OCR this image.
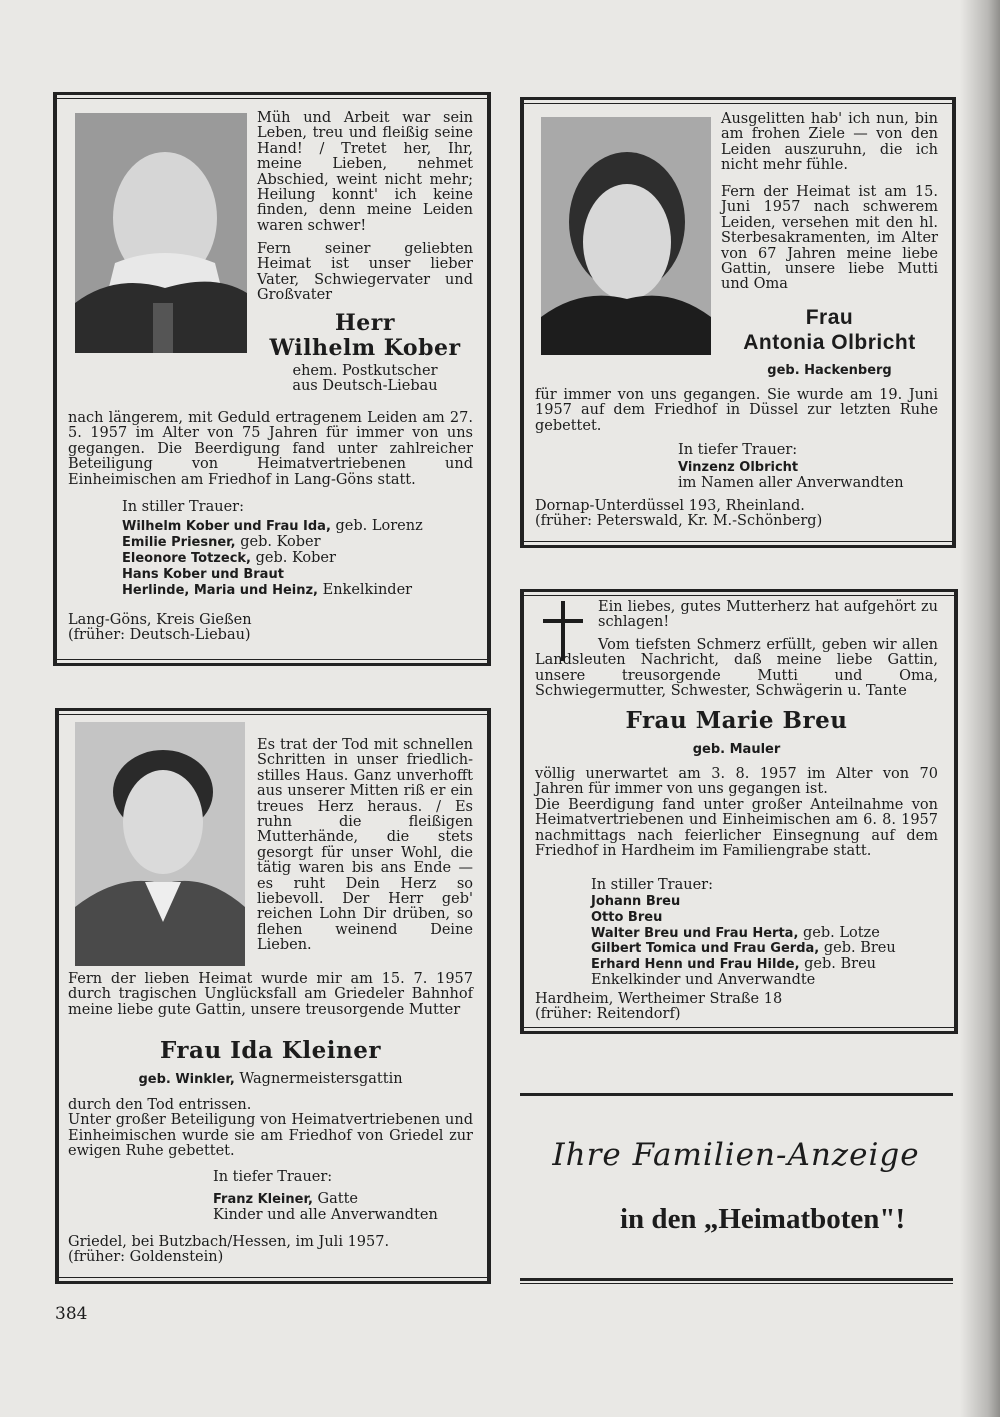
Müh und Arbeit war sein Leben, treu und fleißig seine Hand! / Tretet her, Ihr, meine Lieben, nehmet Abschied, weint nicht mehr; Heilung konnt' ich keine finden, denn meine Leiden waren schwer!
Fern seiner geliebten Heimat ist unser lieber Vater, Schwiegervater und Großvater
Herr
Wilhelm Kober
ehem. Postkutscher
aus Deutsch-Liebau
nach längerem, mit Geduld ertragenem Leiden am 27. 5. 1957 im Alter von 75 Jahren für immer von uns gegangen. Die Beerdigung fand unter zahlreicher Beteiligung von Heimatvertriebenen und Einheimischen am Friedhof in Lang-Göns statt.
In stiller Trauer:
Wilhelm Kober und Frau Ida, geb. Lorenz
Emilie Priesner, geb. Kober
Eleonore Totzeck, geb. Kober
Hans Kober und Braut
Herlinde, Maria und Heinz, Enkelkinder
Lang-Göns, Kreis Gießen
(früher: Deutsch-Liebau)
Ausgelitten hab' ich nun, bin am frohen Ziele — von den Leiden auszuruhn, die ich nicht mehr fühle.
Fern der Heimat ist am 15. Juni 1957 nach schwerem Leiden, versehen mit den hl. Sterbesakramenten, im Alter von 67 Jahren meine liebe Gattin, unsere liebe Mutti und Oma
Frau
Antonia Olbricht
geb. Hackenberg
für immer von uns gegangen. Sie wurde am 19. Juni 1957 auf dem Friedhof in Düssel zur letzten Ruhe gebettet.
In tiefer Trauer:
Vinzenz Olbricht
im Namen aller Anverwandten
Dornap-Unterdüssel 193, Rheinland.
(früher: Peterswald, Kr. M.-Schönberg)
Ein liebes, gutes Mutterherz hat aufgehört zu schlagen!
Vom tiefsten Schmerz erfüllt, geben wir allen Landsleuten Nachricht, daß meine liebe Gattin, unsere treusorgende Mutti und Oma, Schwiegermutter, Schwester, Schwägerin u. Tante
Frau Marie Breu
geb. Mauler
völlig unerwartet am 3. 8. 1957 im Alter von 70 Jahren für immer von uns gegangen ist.
Die Beerdigung fand unter großer Anteilnahme von Heimatvertriebenen und Einheimischen am 6. 8. 1957 nachmittags nach feierlicher Einsegnung auf dem Friedhof in Hardheim im Familiengrabe statt.
In stiller Trauer:
Johann Breu
Otto Breu
Walter Breu und Frau Herta, geb. Lotze
Gilbert Tomica und Frau Gerda, geb. Breu
Erhard Henn und Frau Hilde, geb. Breu
Enkelkinder und Anverwandte
Hardheim, Wertheimer Straße 18
(früher: Reitendorf)
Es trat der Tod mit schnellen Schritten in unser friedlich-stilles Haus. Ganz unverhofft aus unserer Mitten riß er ein treues Herz heraus. / Es ruhn die fleißigen Mutterhände, die stets gesorgt für unser Wohl, die tätig waren bis ans Ende — es ruht Dein Herz so liebevoll. Der Herr geb' reichen Lohn Dir drüben, so flehen weinend Deine Lieben.
Fern der lieben Heimat wurde mir am 15. 7. 1957 durch tragischen Unglücksfall am Griedeler Bahnhof meine liebe gute Gattin, unsere treusorgende Mutter
Frau Ida Kleiner
geb. Winkler, Wagnermeistersgattin
durch den Tod entrissen.
Unter großer Beteiligung von Heimatvertriebenen und Einheimischen wurde sie am Friedhof von Griedel zur ewigen Ruhe gebettet.
In tiefer Trauer:
Franz Kleiner, Gatte
Kinder und alle Anverwandten
Griedel, bei Butzbach/Hessen, im Juli 1957.
(früher: Goldenstein)
Ihre Familien-Anzeige
in den „Heimatboten"!
384
